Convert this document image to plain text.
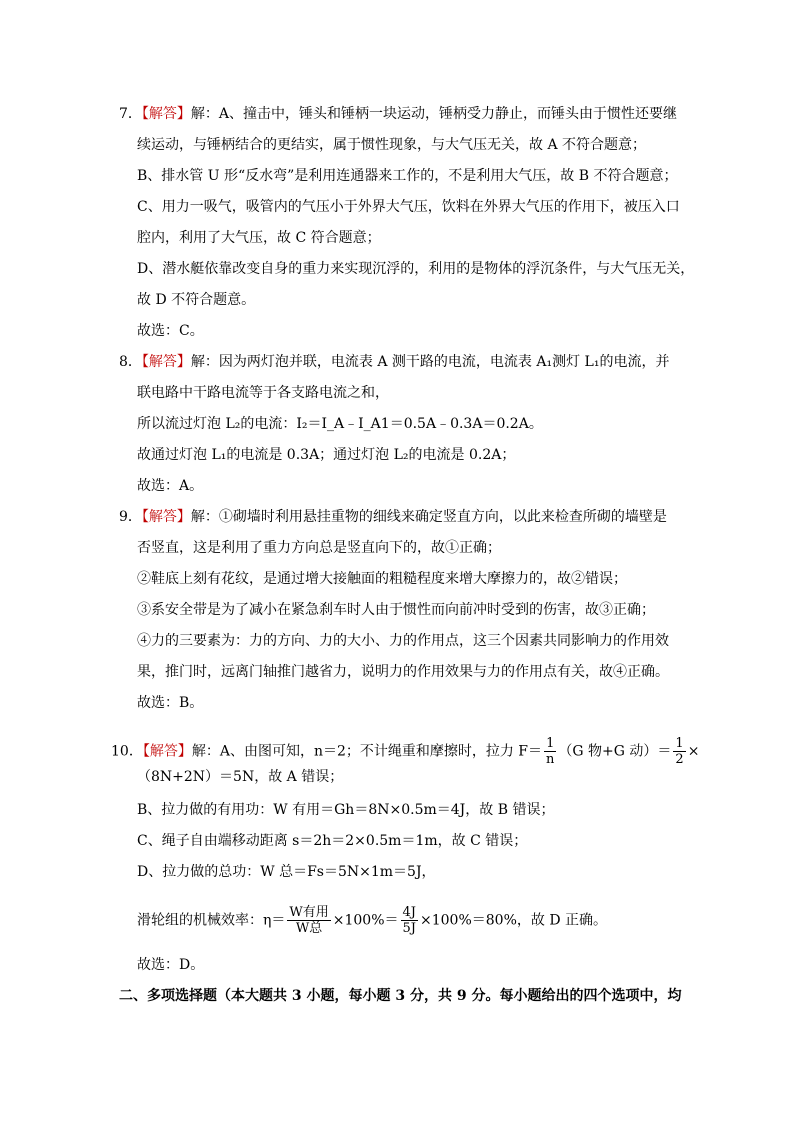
7．【解答】解：A、撞击中，锤头和锤柄一块运动，锤柄受力静止，而锤头由于惯性还要继
续运动，与锤柄结合的更结实，属于惯性现象，与大气压无关，故 A 不符合题意；
B、排水管 U 形“反水弯”是利用连通器来工作的，不是利用大气压，故 B 不符合题意；
C、用力一吸气，吸管内的气压小于外界大气压，饮料在外界大气压的作用下，被压入口
腔内，利用了大气压，故 C 符合题意；
D、潜水艇依靠改变自身的重力来实现沉浮的，利用的是物体的浮沉条件，与大气压无关，
故 D 不符合题意。
故选：C。
8．【解答】解：因为两灯泡并联，电流表 A 测干路的电流，电流表 A₁测灯 L₁的电流，并
联电路中干路电流等于各支路电流之和，
所以流过灯泡 L₂的电流：I₂＝I_A﹣I_A1＝0.5A﹣0.3A＝0.2A。
故通过灯泡 L₁的电流是 0.3A；通过灯泡 L₂的电流是 0.2A；
故选：A。
9．【解答】解：①砌墙时利用悬挂重物的细线来确定竖直方向，以此来检查所砌的墙壁是
否竖直，这是利用了重力方向总是竖直向下的，故①正确；
②鞋底上刻有花纹，是通过增大接触面的粗糙程度来增大摩擦力的，故②错误；
③系安全带是为了减小在紧急刹车时人由于惯性而向前冲时受到的伤害，故③正确；
④力的三要素为：力的方向、力的大小、力的作用点，这三个因素共同影响力的作用效
果，推门时，远离门轴推门越省力，说明力的作用效果与力的作用点有关，故④正确。
故选：B。
10．【解答】解：A、由图可知，n＝2；不计绳重和摩擦时，拉力 $F= \frac{1}{n} (G$ 物+G 动）＝ $\frac{1}{2}$ ×
（8N+2N）＝5N，故 A 错误；
B、拉力做的有用功：W 有用＝Gh＝8N×0.5m＝4J，故 B 错误；
C、绳子自由端移动距离 s＝2h＝2×0.5m＝1m，故 C 错误；
D、拉力做的总功：W 总＝Fs＝5N×1m＝5J，
滑轮组的机械效率：$\eta= \frac{\text{W有用}}{\text{W总}} \times 100\%= \frac{4J}{5J} \times 100\%=80\%$，故 D 正确。
故选：D。
二、多项选择题（本大题共 3 小题，每小题 3 分，共 9 分。每小题给出的四个选项中，均
